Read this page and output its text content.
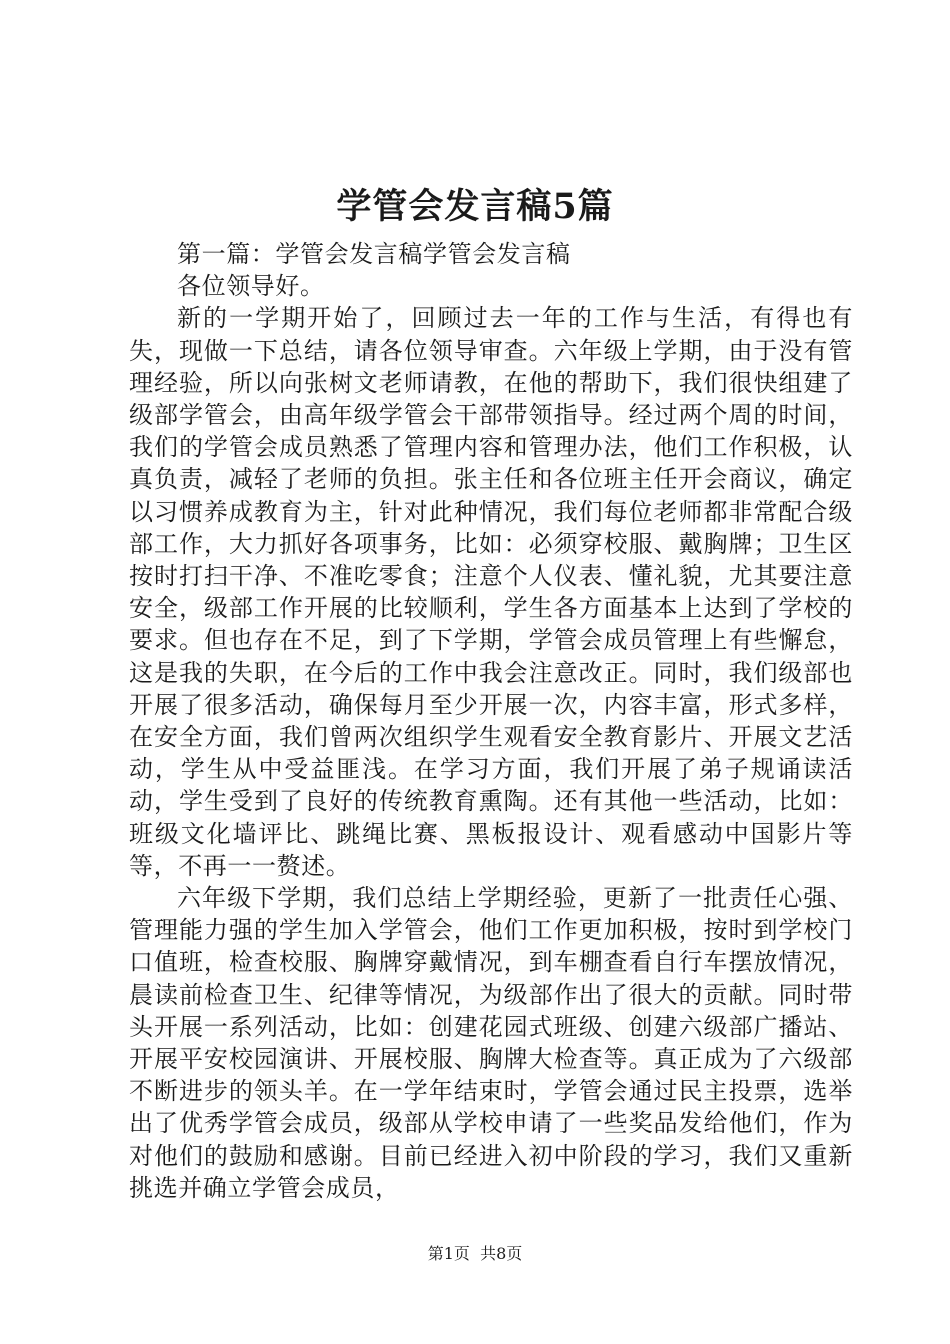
学管会发言稿5篇

第一篇：学管会发言稿学管会发言稿

各位领导好。

新的一学期开始了，回顾过去一年的工作与生活，有得也有失，现做一下总结，请各位领导审查。六年级上学期，由于没有管理经验，所以向张树文老师请教，在他的帮助下，我们很快组建了级部学管会，由高年级学管会干部带领指导。经过两个周的时间，我们的学管会成员熟悉了管理内容和管理办法，他们工作积极，认真负责，减轻了老师的负担。张主任和各位班主任开会商议，确定以习惯养成教育为主，针对此种情况，我们每位老师都非常配合级部工作，大力抓好各项事务，比如：必须穿校服、戴胸牌；卫生区按时打扫干净、不准吃零食；注意个人仪表、懂礼貌，尤其要注意安全，级部工作开展的比较顺利，学生各方面基本上达到了学校的要求。但也存在不足，到了下学期，学管会成员管理上有些懈怠，这是我的失职，在今后的工作中我会注意改正。同时，我们级部也开展了很多活动，确保每月至少开展一次，内容丰富，形式多样，在安全方面，我们曾两次组织学生观看安全教育影片、开展文艺活动，学生从中受益匪浅。在学习方面，我们开展了弟子规诵读活动，学生受到了良好的传统教育熏陶。还有其他一些活动，比如：班级文化墙评比、跳绳比赛、黑板报设计、观看感动中国影片等等，不再一一赘述。

六年级下学期，我们总结上学期经验，更新了一批责任心强、管理能力强的学生加入学管会，他们工作更加积极，按时到学校门口值班，检查校服、胸牌穿戴情况，到车棚查看自行车摆放情况，晨读前检查卫生、纪律等情况，为级部作出了很大的贡献。同时带头开展一系列活动，比如：创建花园式班级、创建六级部广播站、开展平安校园演讲、开展校服、胸牌大检查等。真正成为了六级部不断进步的领头羊。在一学年结束时，学管会通过民主投票，选举出了优秀学管会成员，级部从学校申请了一些奖品发给他们，作为对他们的鼓励和感谢。目前已经进入初中阶段的学习，我们又重新挑选并确立学管会成员，

第1页 共8页
